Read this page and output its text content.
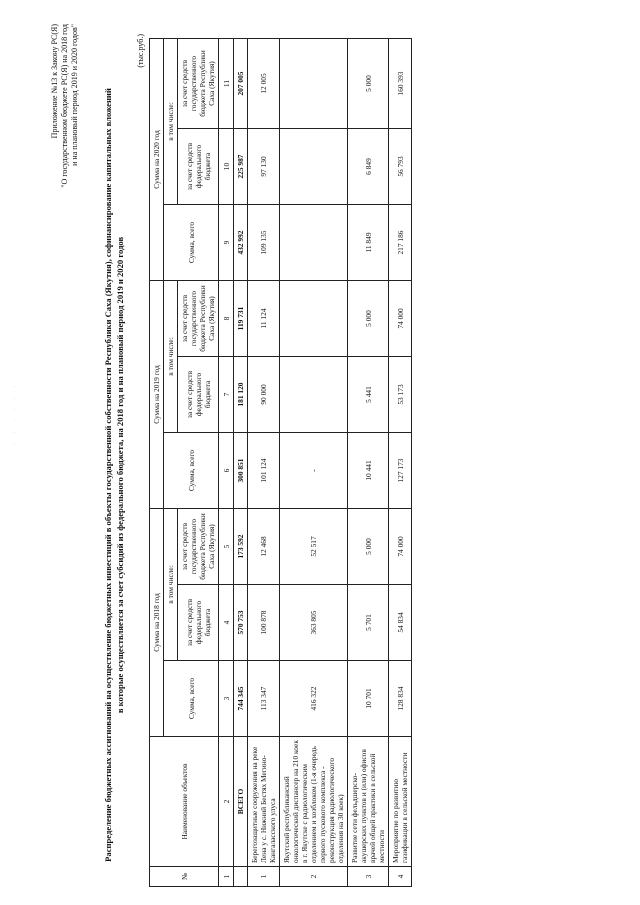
· · · · · ·
Приложение №13 к Закону РС(Я) "О государственном бюджете РС(Я) на 2018 год и на плановый период 2019 и 2020 годов"	Распределение бюджетных ассигнований на осуществление бюджетных инвестиций в объекты государственной собственности Республики Саха (Якутия), софинансирование капитальных вложений в которые осуществляется за счет субсидий из федерального бюджета, на 2018 год и на плановый период 2019 и 2020 годов
(тыс.руб.)
№	Наименование объектов	Сумма на 2018 год			Сумма на 2019 год			Сумма на 2020 год		
		Сумма, всего	в том числе:		Сумма, всего	в том числе:		Сумма, всего	в том числе:	
			за счет средств федерального бюджета	за счет средств государственного бюджета Республики Саха (Якутия)		за счет средств федерального бюджета	за счет средств государственного бюджета Республики Саха (Якутия)		за счет средств федерального бюджета	за счет средств государственного бюджета Республики Саха (Якутия)
1	2	3	4	5	6	7	8	9	10	11
	ВСЕГО	744 345	570 753	173 592	300 851	181 120	119 731	432 992	225 987	207 005
1	Берегозащитные сооружения на реке Лена у с. Нижний Бестях Мегино-Кангаласского улуса	113 347	100 878	12 468	101 124	90 000	11 124	109 135	97 130	12 005
2	Якутский республиканский онкологический диспансер на 210 коек в г. Якутске с радиологическим отделением и хозблоком (1-я очередь первого пускового комплекса - реконструкция радиологического отделения на 30 коек)	416 322	363 805	52 517	-					
3	Развитие сети фельдшерско-акушерских пунктов и (или) офисов врачей общей практики в сельской местности	10 701	5 701	5 000	10 441	5 441	5 000	11 849	6 849	5 000
4	Мероприятие по развитию газификации в сельской местности	128 834	54 834	74 000	127 173	53 173	74 000	217 186	56 793	160 393
